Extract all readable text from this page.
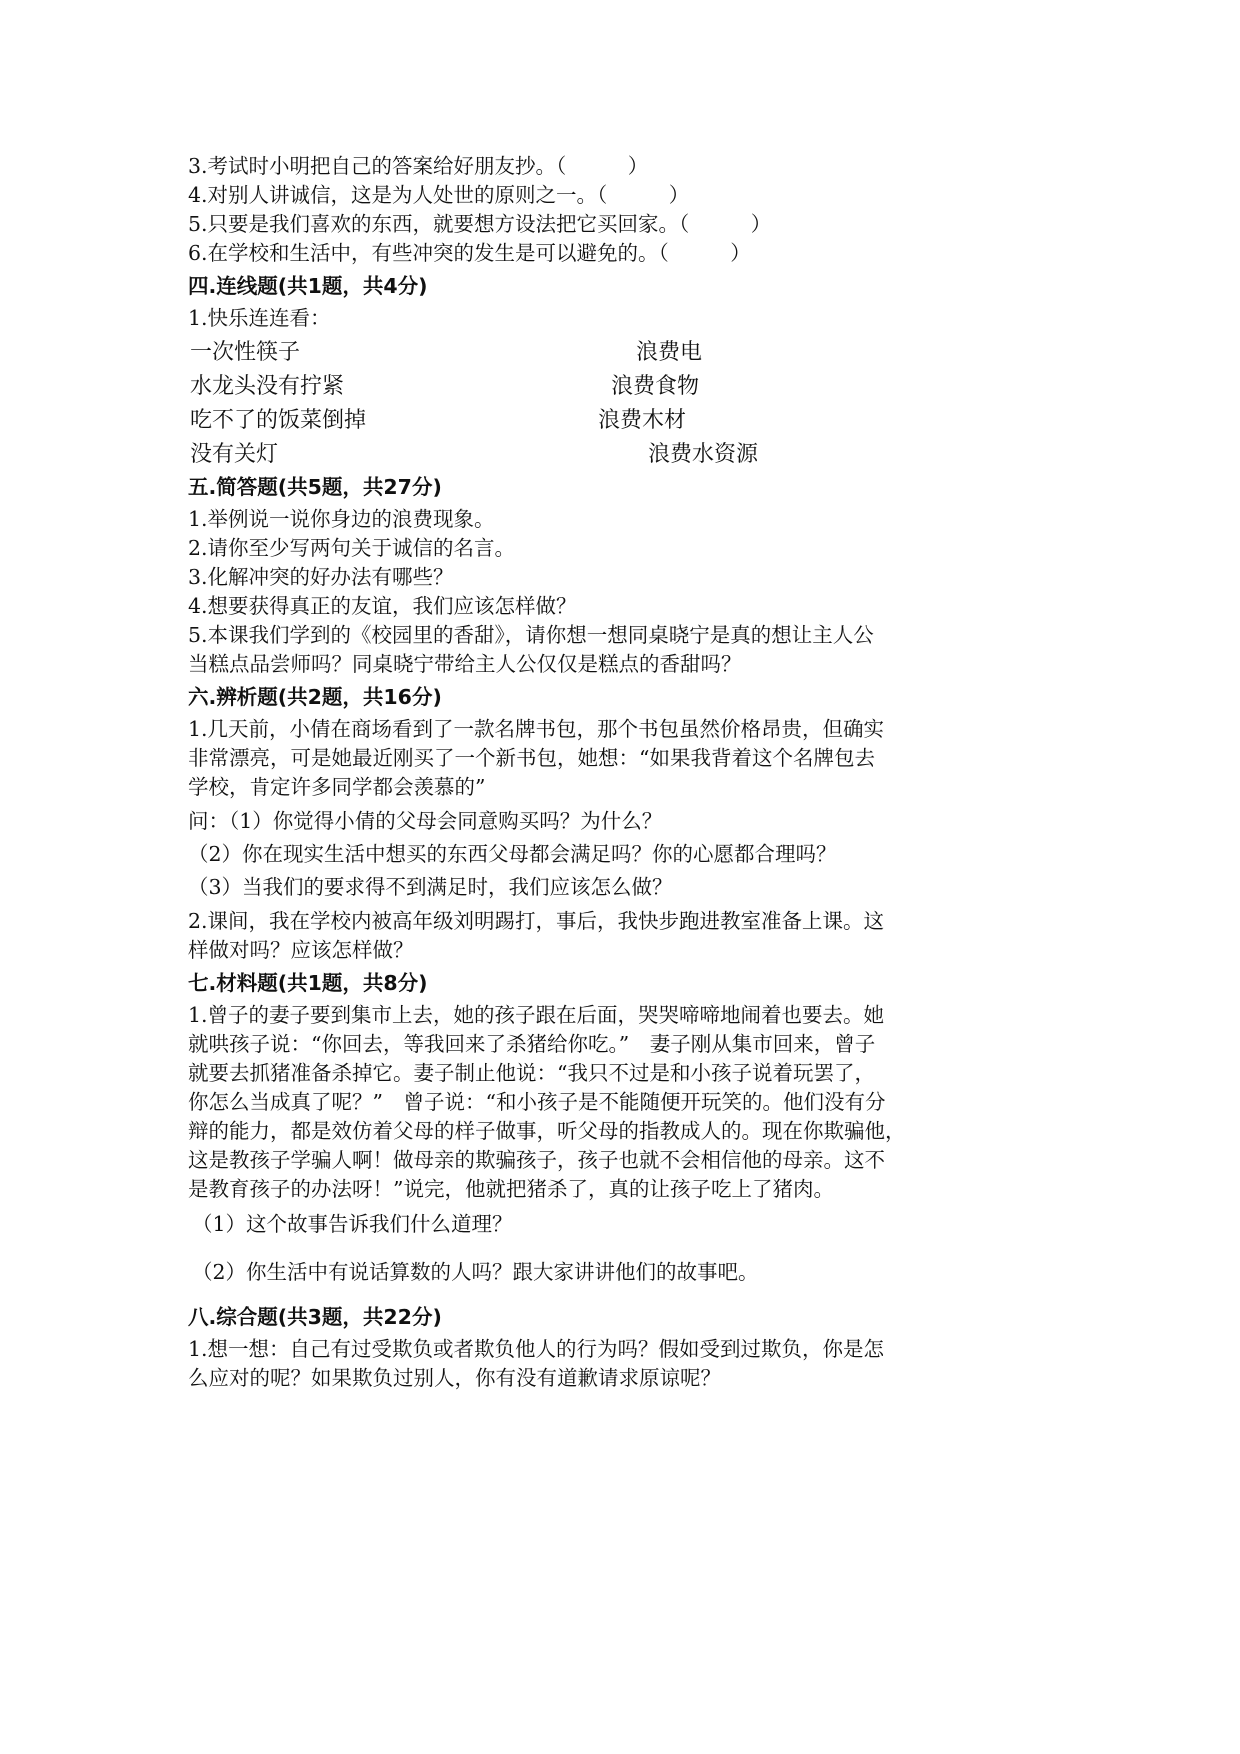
3.考试时小明把自己的答案给好朋友抄。（　　　）
4.对别人讲诚信，这是为人处世的原则之一。（　　　）
5.只要是我们喜欢的东西，就要想方设法把它买回家。（　　　）
6.在学校和生活中，有些冲突的发生是可以避免的。（　　　）
四.连线题(共1题，共4分)
1.快乐连连看：
一次性筷子
水龙头没有拧紧
吃不了的饭菜倒掉
没有关灯
浪费电
浪费食物
浪费木材
浪费水资源
五.简答题(共5题，共27分)
1.举例说一说你身边的浪费现象。
2.请你至少写两句关于诚信的名言。
3.化解冲突的好办法有哪些？
4.想要获得真正的友谊，我们应该怎样做？
5.本课我们学到的《校园里的香甜》，请你想一想同桌晓宁是真的想让主人公
当糕点品尝师吗？同桌晓宁带给主人公仅仅是糕点的香甜吗？
六.辨析题(共2题，共16分)
1.几天前，小倩在商场看到了一款名牌书包，那个书包虽然价格昂贵，但确实
非常漂亮，可是她最近刚买了一个新书包，她想：“如果我背着这个名牌包去
学校，肯定许多同学都会羡慕的”
问：（1）你觉得小倩的父母会同意购买吗？为什么？
（2）你在现实生活中想买的东西父母都会满足吗？你的心愿都合理吗？
（3）当我们的要求得不到满足时，我们应该怎么做？
2.课间，我在学校内被高年级刘明踢打，事后，我快步跑进教室准备上课。这
样做对吗？应该怎样做？
七.材料题(共1题，共8分)
1.曾子的妻子要到集市上去，她的孩子跟在后面，哭哭啼啼地闹着也要去。她
就哄孩子说：“你回去，等我回来了杀猪给你吃。”　妻子刚从集市回来，曾子
就要去抓猪准备杀掉它。妻子制止他说：“我只不过是和小孩子说着玩罢了，
你怎么当成真了呢？”　曾子说：“和小孩子是不能随便开玩笑的。他们没有分
辩的能力，都是效仿着父母的样子做事，听父母的指教成人的。现在你欺骗他，
这是教孩子学骗人啊！做母亲的欺骗孩子，孩子也就不会相信他的母亲。这不
是教育孩子的办法呀！”说完，他就把猪杀了，真的让孩子吃上了猪肉。
（1）这个故事告诉我们什么道理？
（2）你生活中有说话算数的人吗？跟大家讲讲他们的故事吧。
八.综合题(共3题，共22分)
1.想一想：自己有过受欺负或者欺负他人的行为吗？假如受到过欺负，你是怎
么应对的呢？如果欺负过别人，你有没有道歉请求原谅呢？
